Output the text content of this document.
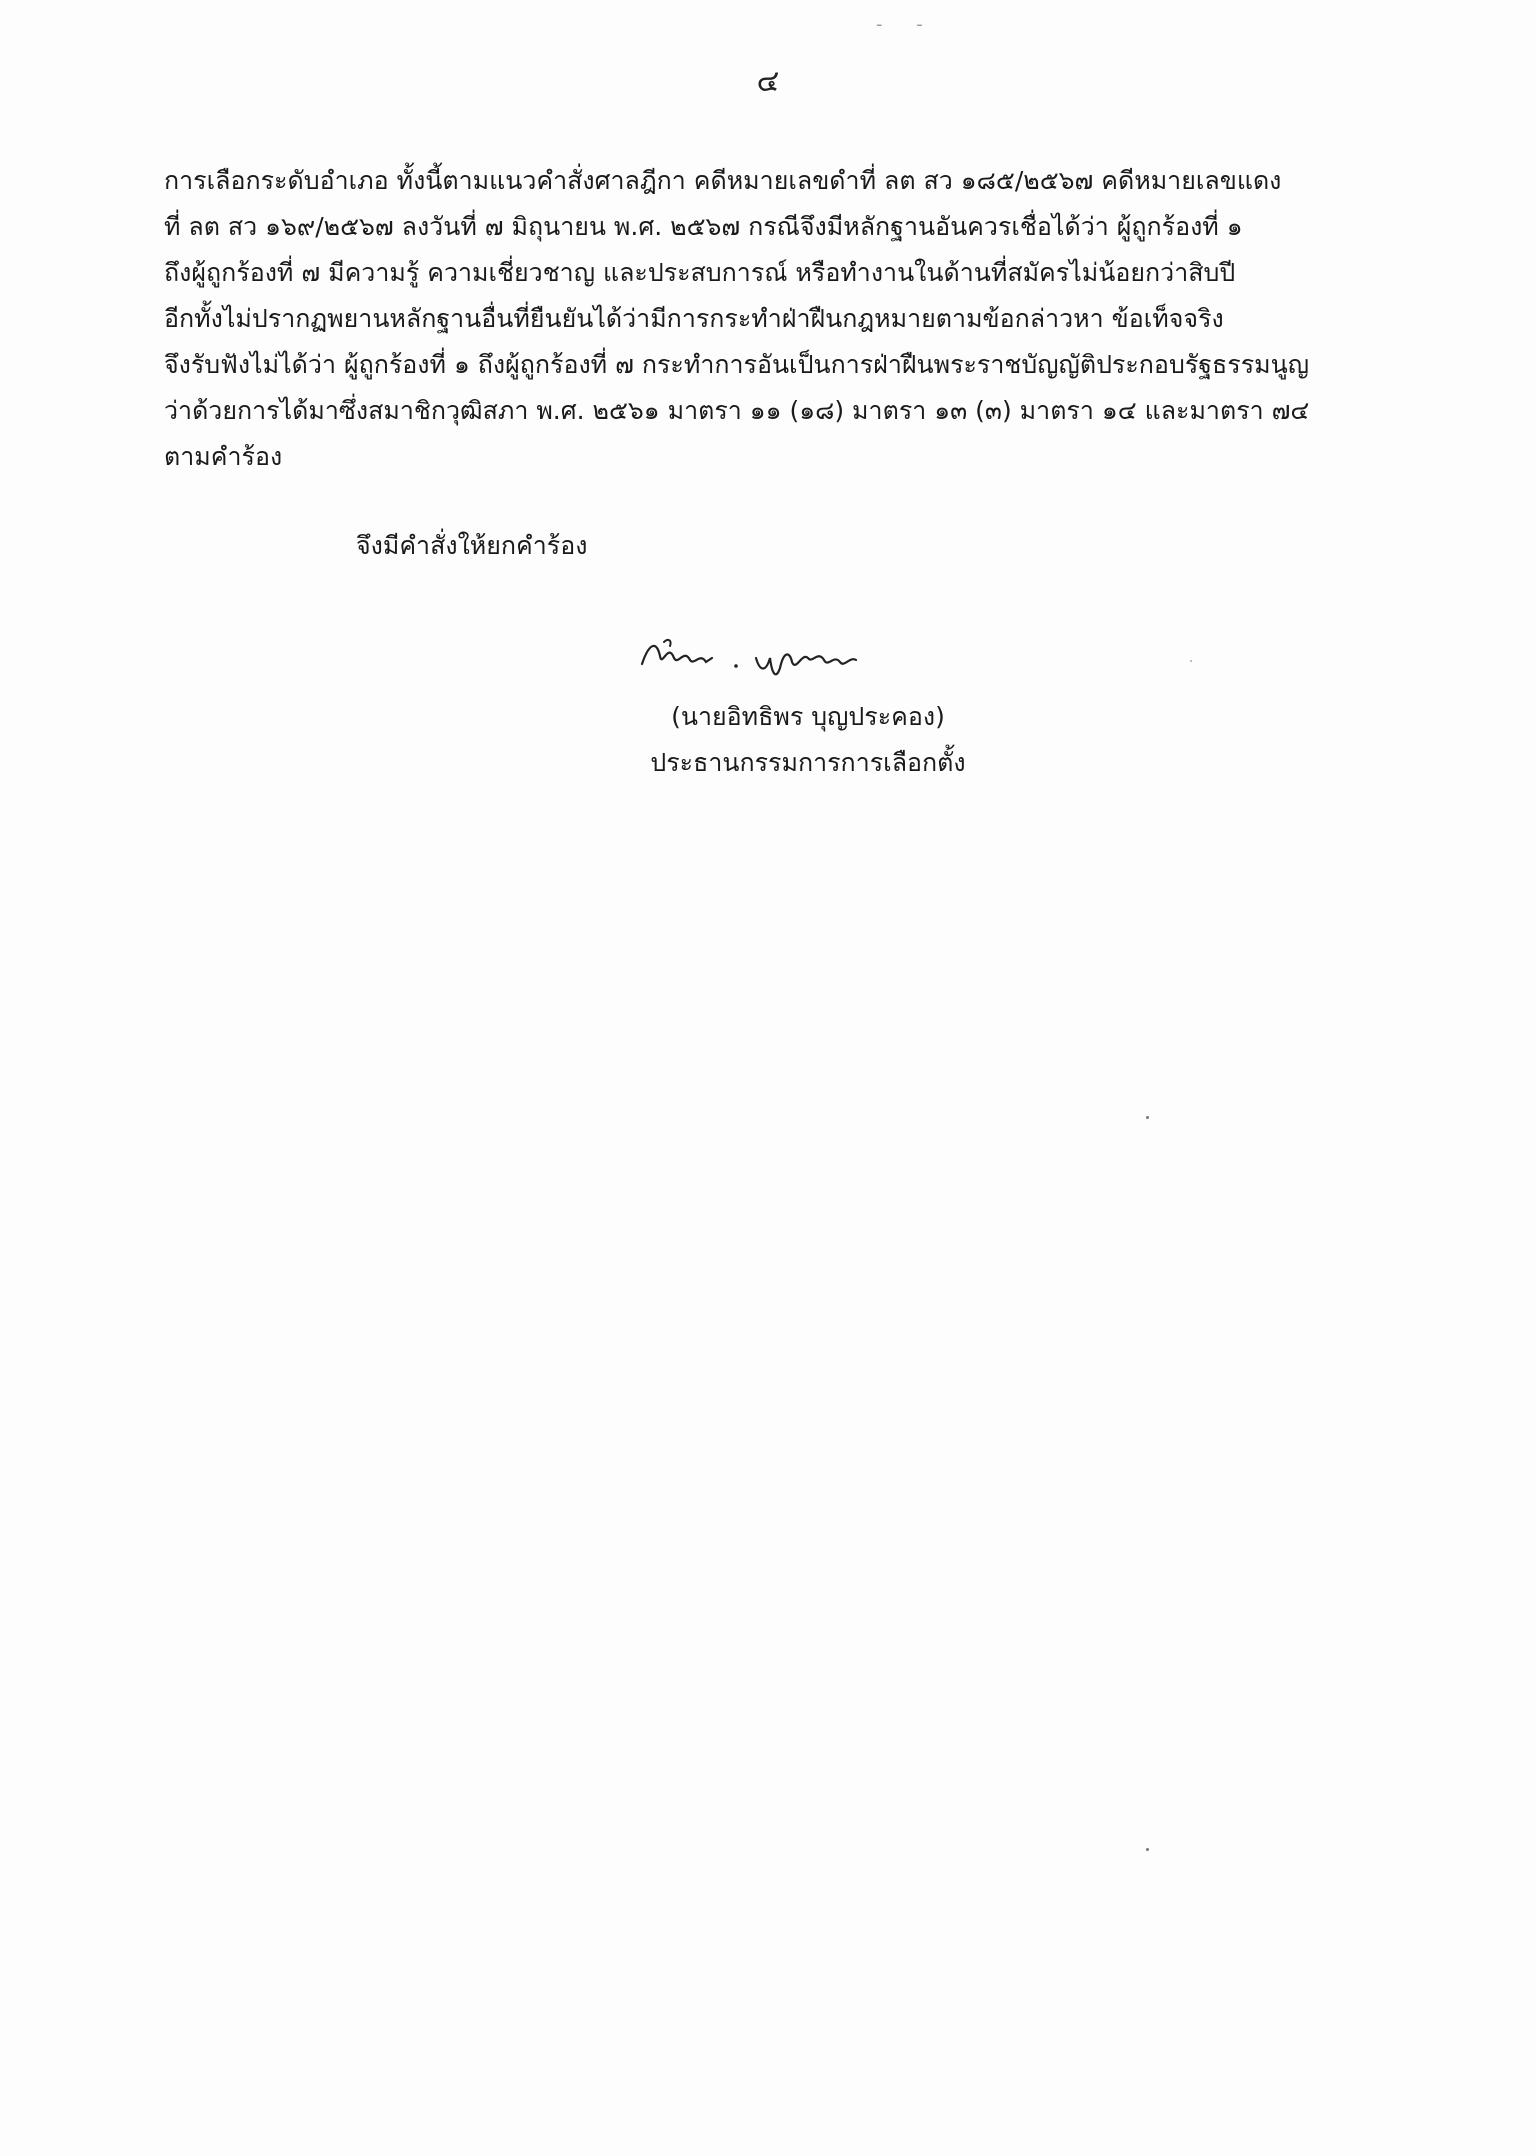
- -
๔
การเลือกระดับอำเภอ ทั้งนี้ตามแนวคำสั่งศาลฎีกา คดีหมายเลขดำที่ ลต สว ๑๘๕/๒๕๖๗ คดีหมายเลขแดง
ที่ ลต สว ๑๖๙/๒๕๖๗ ลงวันที่ ๗ มิถุนายน พ.ศ. ๒๕๖๗ กรณีจึงมีหลักฐานอันควรเชื่อได้ว่า ผู้ถูกร้องที่ ๑
ถึงผู้ถูกร้องที่ ๗ มีความรู้ ความเชี่ยวชาญ และประสบการณ์ หรือทำงานในด้านที่สมัครไม่น้อยกว่าสิบปี
อีกทั้งไม่ปรากฏพยานหลักฐานอื่นที่ยืนยันได้ว่ามีการกระทำฝ่าฝืนกฎหมายตามข้อกล่าวหา ข้อเท็จจริง
จึงรับฟังไม่ได้ว่า ผู้ถูกร้องที่ ๑ ถึงผู้ถูกร้องที่ ๗ กระทำการอันเป็นการฝ่าฝืนพระราชบัญญัติประกอบรัฐธรรมนูญ
ว่าด้วยการได้มาซึ่งสมาชิกวุฒิสภา พ.ศ. ๒๕๖๑ มาตรา ๑๑ (๑๘) มาตรา ๑๓ (๓) มาตรา ๑๔ และมาตรา ๗๔
ตามคำร้อง
จึงมีคำสั่งให้ยกคำร้อง
(นายอิทธิพร บุญประคอง)
ประธานกรรมการการเลือกตั้ง
